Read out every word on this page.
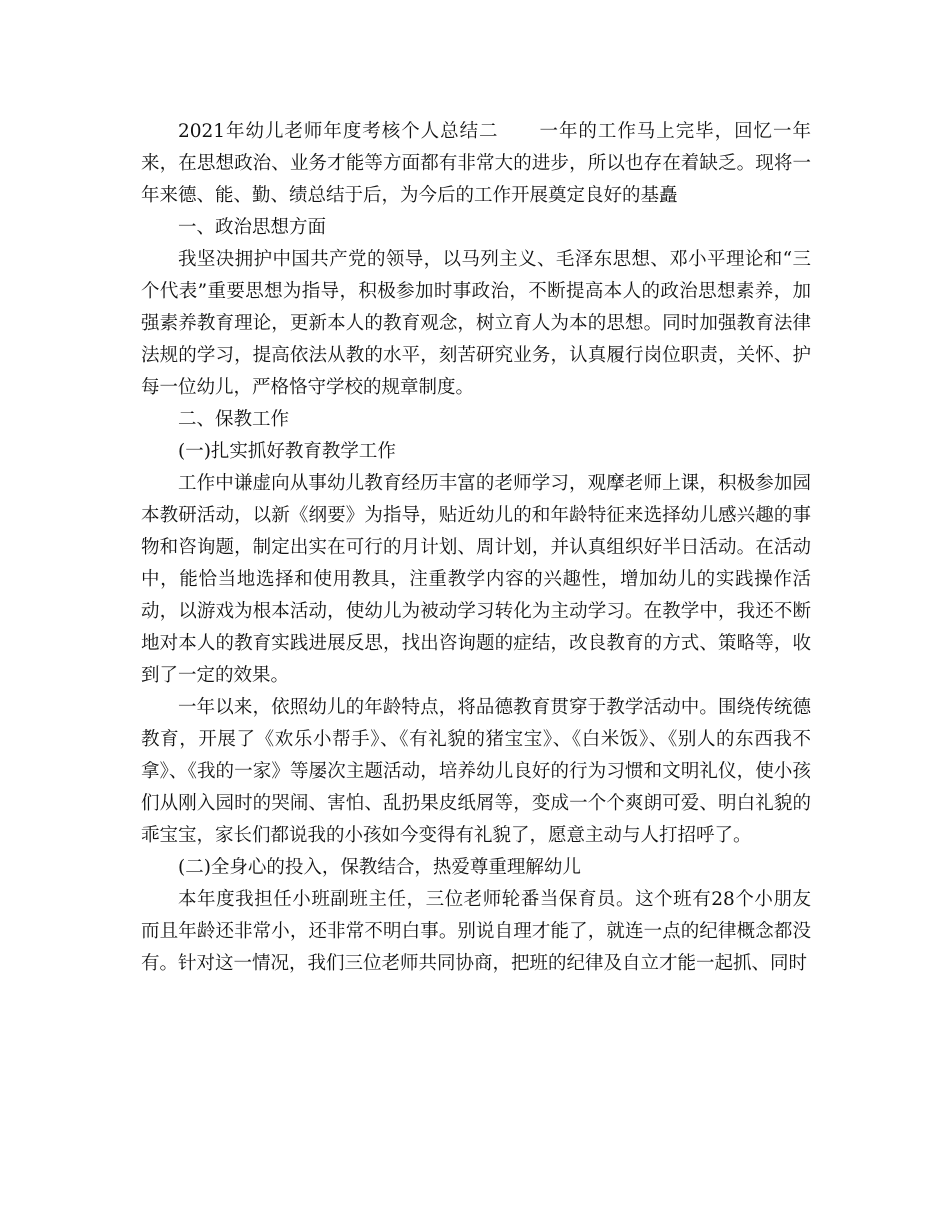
2021年幼儿老师年度考核个人总结二 一年的工作马上完毕，回忆一年来，在思想政治、业务才能等方面都有非常大的进步，所以也存在着缺乏。现将一年来德、能、勤、绩总结于后，为今后的工作开展奠定良好的基矗

一、政治思想方面

我坚决拥护中国共产党的领导，以马列主义、毛泽东思想、邓小平理论和“三个代表”重要思想为指导，积极参加时事政治，不断提高本人的政治思想素养，加强素养教育理论，更新本人的教育观念，树立育人为本的思想。同时加强教育法律法规的学习，提高依法从教的水平，刻苦研究业务，认真履行岗位职责，关怀、护每一位幼儿，严格恪守学校的规章制度。

二、保教工作

(一)扎实抓好教育教学工作

工作中谦虚向从事幼儿教育经历丰富的老师学习，观摩老师上课，积极参加园本教研活动，以新《纲要》为指导，贴近幼儿的和年龄特征来选择幼儿感兴趣的事物和咨询题，制定出实在可行的月计划、周计划，并认真组织好半日活动。在活动中，能恰当地选择和使用教具，注重教学内容的兴趣性，增加幼儿的实践操作活动，以游戏为根本活动，使幼儿为被动学习转化为主动学习。在教学中，我还不断地对本人的教育实践进展反思，找出咨询题的症结，改良教育的方式、策略等，收到了一定的效果。

一年以来，依照幼儿的年龄特点，将品德教育贯穿于教学活动中。围绕传统德教育，开展了《欢乐小帮手》、《有礼貌的猪宝宝》、《白米饭》、《别人的东西我不拿》、《我的一家》等屡次主题活动，培养幼儿良好的行为习惯和文明礼仪，使小孩们从刚入园时的哭闹、害怕、乱扔果皮纸屑等，变成一个个爽朗可爱、明白礼貌的乖宝宝，家长们都说我的小孩如今变得有礼貌了，愿意主动与人打招呼了。

(二)全身心的投入，保教结合，热爱尊重理解幼儿

本年度我担任小班副班主任，三位老师轮番当保育员。这个班有28个小朋友而且年龄还非常小，还非常不明白事。别说自理才能了，就连一点的纪律概念都没有。针对这一情况，我们三位老师共同协商，把班的纪律及自立才能一起抓、同时
